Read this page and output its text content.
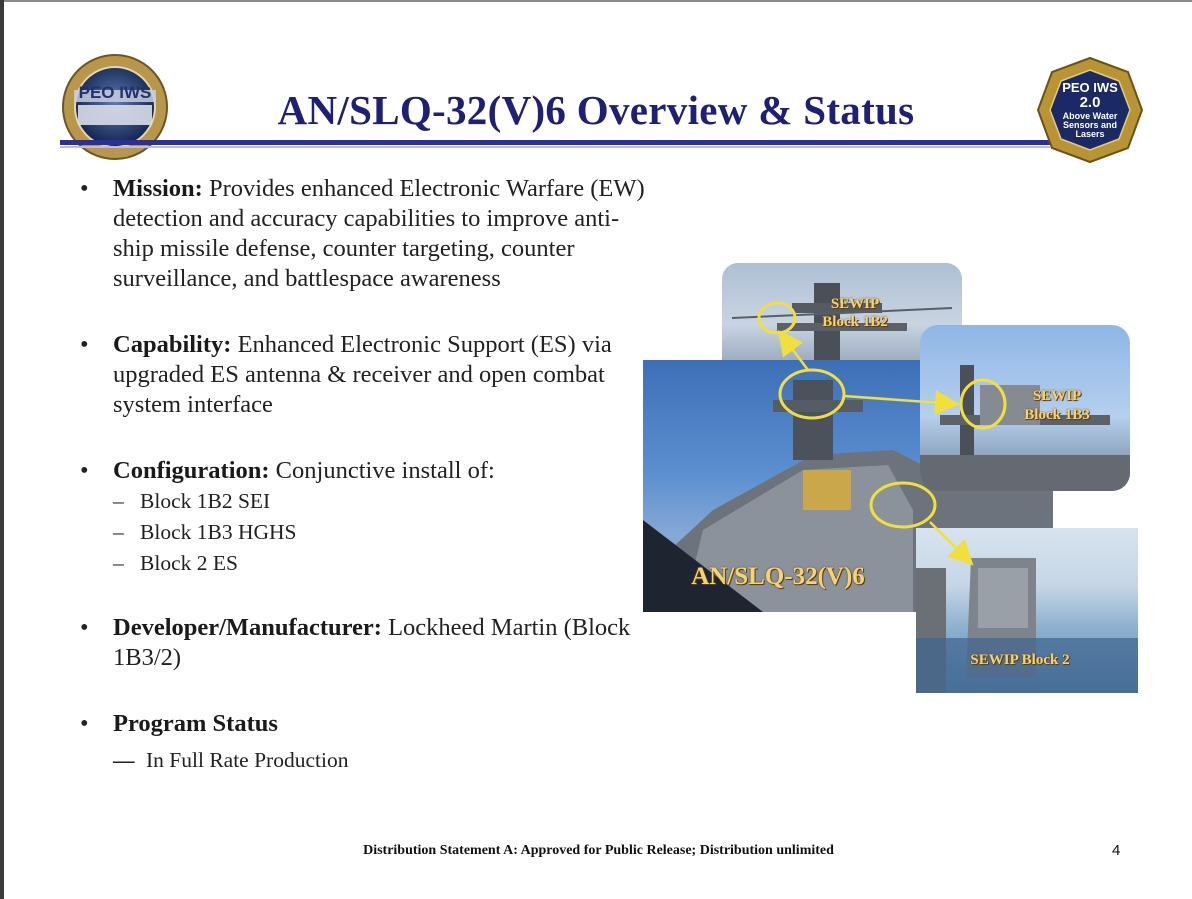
PEO IWS	AN/SLQ-32(V)6 Overview & Status	PEO IWS
2.0
Above Water
Sensors and
Lasers
• Mission: Provides enhanced Electronic Warfare (EW) detection and accuracy capabilities to improve anti-ship missile defense, counter targeting, counter surveillance, and battlespace awareness
• Capability: Enhanced Electronic Support (ES) via upgraded ES antenna & receiver and open combat system interface
• Configuration: Conjunctive install of:
– Block 1B2 SEI
– Block 1B3 HGHS
– Block 2 ES
• Developer/Manufacturer: Lockheed Martin (Block 1B3/2)
• Program Status
— In Full Rate Production
SEWIP
Block 1B2
SEWIP
Block 1B3
AN/SLQ-32(V)6
SEWIP Block 2
Distribution Statement A: Approved for Public Release; Distribution unlimited	4
